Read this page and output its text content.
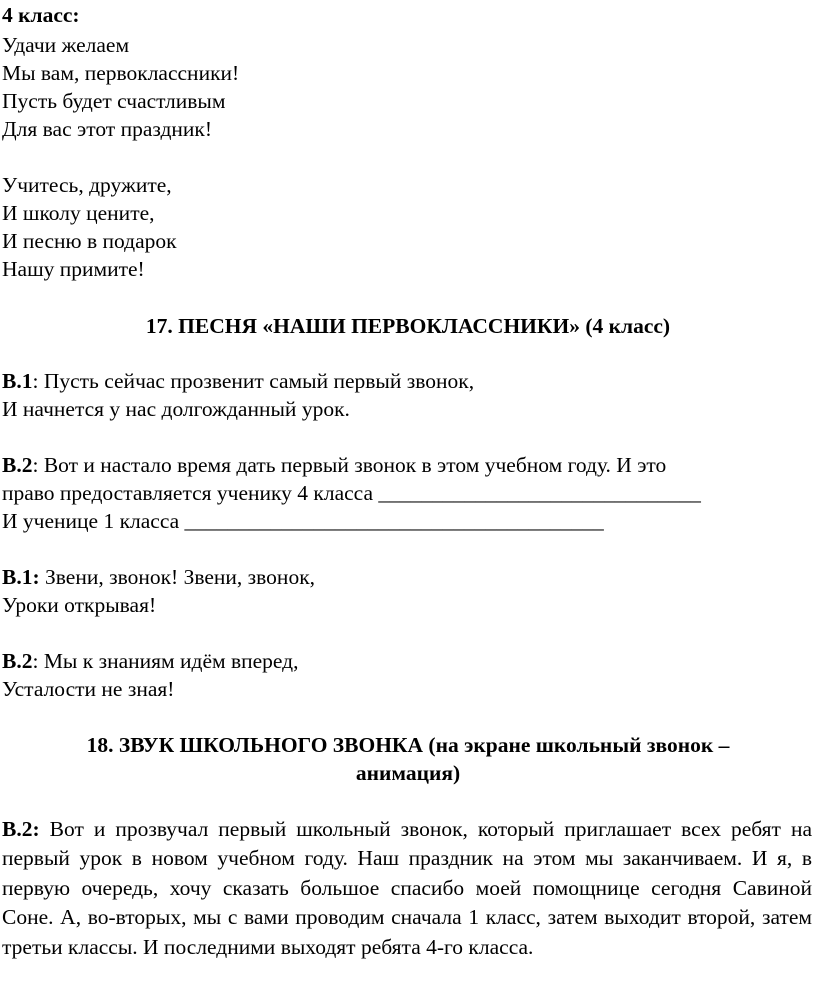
4 класс:
Удачи желаем
Мы вам, первоклассники!
Пусть будет счастливым
Для вас этот праздник!
Учитесь, дружите,
И школу цените,
И песню в подарок
Нашу примите!
17. ПЕСНЯ «НАШИ ПЕРВОКЛАССНИКИ» (4 класс)
В.1: Пусть сейчас прозвенит самый первый звонок,
И начнется у нас долгожданный урок.
В.2: Вот и настало время дать первый звонок в этом учебном году. И это
право предоставляется ученику 4 класса ______________________________
И ученице 1 класса _______________________________________
В.1: Звени, звонок! Звени, звонок,
Уроки открывая!
В.2: Мы к знаниям идём вперед,
Усталости не зная!
18. ЗВУК ШКОЛЬНОГО ЗВОНКА (на экране школьный звонок –
анимация)
В.2: Вот и прозвучал первый школьный звонок, который приглашает всех ребят на первый урок в новом учебном году. Наш праздник на этом мы заканчиваем. И я, в первую очередь, хочу сказать большое спасибо моей помощнице сегодня Савиной Соне. А, во-вторых, мы с вами проводим сначала 1 класс, затем выходит второй, затем третьи классы. И последними выходят ребята 4-го класса.
